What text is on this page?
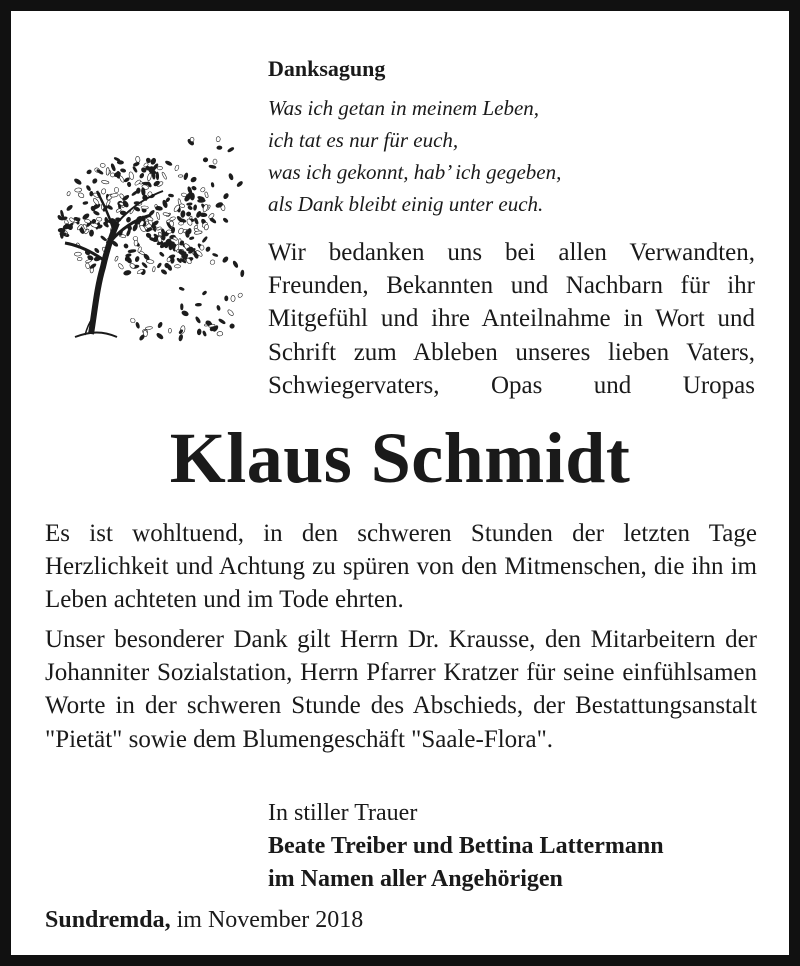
Danksagung
Was ich getan in meinem Leben,
ich tat es nur für euch,
was ich gekonnt, hab’ ich gegeben,
als Dank bleibt einig unter euch.
Wir bedanken uns bei allen Verwandten, Freunden, Bekannten und Nachbarn für ihr Mitgefühl und ihre Anteilnahme in Wort und Schrift zum Ableben unseres lieben Vaters, Schwiegervaters, Opas und Uropas
Klaus Schmidt
Es ist wohltuend, in den schweren Stunden der letzten Tage Herzlichkeit und Achtung zu spüren von den Mitmenschen, die ihn im Leben achteten und im Tode ehrten.
Unser besonderer Dank gilt Herrn Dr. Krausse, den Mitarbeitern der Johanniter Sozialstation, Herrn Pfarrer Kratzer für seine einfühlsamen Worte in der schweren Stunde des Abschieds, der Bestattungsanstalt "Pietät" sowie dem Blumengeschäft "Saale-Flora".
In stiller Trauer
Beate Treiber und Bettina Lattermann
im Namen aller Angehörigen
Sundremda, im November 2018
